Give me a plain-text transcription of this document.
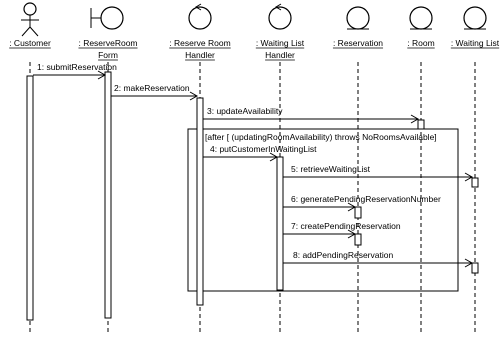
[after [ (updatingRoomAvailability) throws NoRoomsAvailable]
1: submitReservation
2: makeReservation
3: updateAvailability
4: putCustomerInWaitingList
5: retrieveWaitingList
6: generatePendingReservationNumber
7: createPendingReservation
8: addPendingReservation
: Customer	: ReserveRoom
Form
: Reserve Room
Handler
: Waiting List
Handler
: Reservation	: Room : Waiting List
